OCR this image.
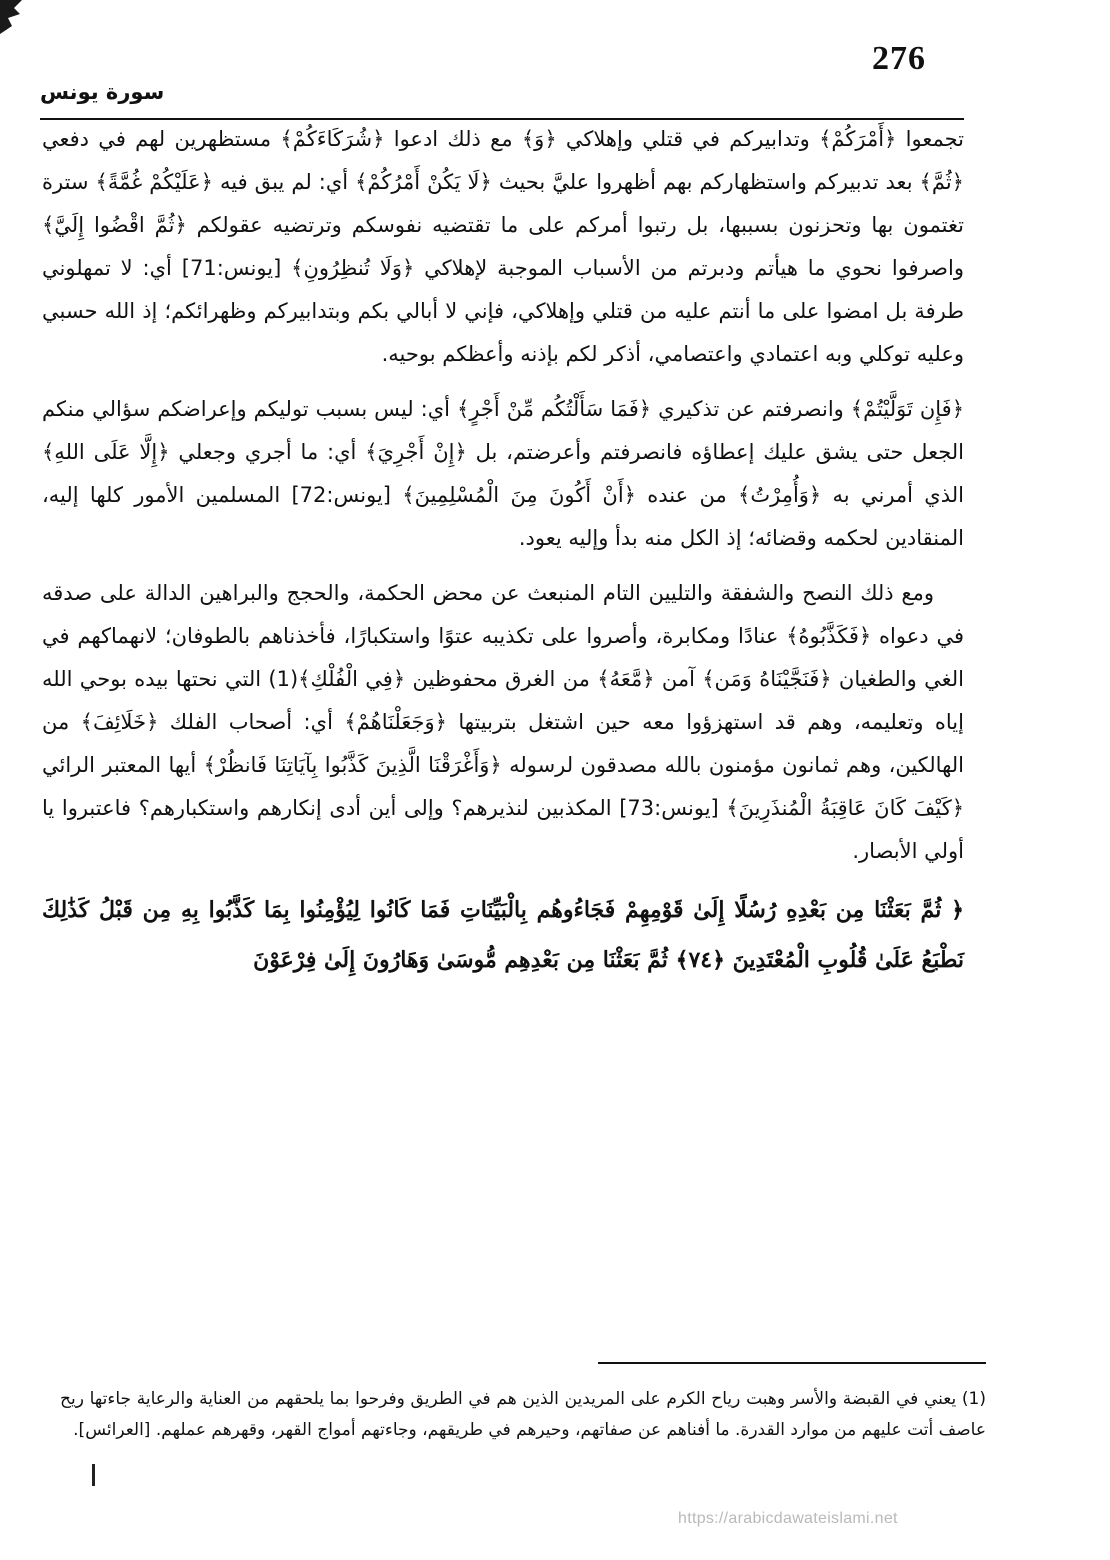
276
سورة يونس

تجمعوا ﴿أَمْرَكُمْ﴾ وتدابيركم في قتلي وإهلاكي ﴿وَ﴾ مع ذلك ادعوا ﴿شُرَكَاءَكُمْ﴾ مستظهرين لهم في دفعي ﴿ثُمَّ﴾ بعد تدبيركم واستظهاركم بهم أظهروا عليَّ بحيث ﴿لَا يَكُنْ أَمْرُكُمْ﴾ أي: لم يبق فيه ﴿عَلَيْكُمْ غُمَّةً﴾ سترة تغتمون بها وتحزنون بسببها، بل رتبوا أمركم على ما تقتضيه نفوسكم وترتضيه عقولكم ﴿ثُمَّ اقْضُوا إِلَيَّ﴾ واصرفوا نحوي ما هيأتم ودبرتم من الأسباب الموجبة لإهلاكي ﴿وَلَا تُنظِرُونِ﴾ [يونس:71] أي: لا تمهلوني طرفة بل امضوا على ما أنتم عليه من قتلي وإهلاكي، فإني لا أبالي بكم وبتدابيركم وظهرائكم؛ إذ الله حسبي وعليه توكلي وبه اعتمادي واعتصامي، أذكر لكم بإذنه وأعظكم بوحيه.

﴿فَإِن تَوَلَّيْتُمْ﴾ وانصرفتم عن تذكيري ﴿فَمَا سَأَلْتُكُم مِّنْ أَجْرٍ﴾ أي: ليس بسبب توليكم وإعراضكم سؤالي منكم الجعل حتى يشق عليك إعطاؤه فانصرفتم وأعرضتم، بل ﴿إِنْ أَجْرِيَ﴾ أي: ما أجري وجعلي ﴿إِلَّا عَلَى اللهِ﴾ الذي أمرني به ﴿وَأُمِرْتُ﴾ من عنده ﴿أَنْ أَكُونَ مِنَ الْمُسْلِمِينَ﴾ [يونس:72] المسلمين الأمور كلها إليه، المنقادين لحكمه وقضائه؛ إذ الكل منه بدأ وإليه يعود.

ومع ذلك النصح والشفقة والتليين التام المنبعث عن محض الحكمة، والحجج والبراهين الدالة على صدقه في دعواه ﴿فَكَذَّبُوهُ﴾ عنادًا ومكابرة، وأصروا على تكذيبه عتوًا واستكبارًا، فأخذناهم بالطوفان؛ لانهماكهم في الغي والطغيان ﴿فَنَجَّيْنَاهُ وَمَن﴾ آمن ﴿مَّعَهُ﴾ من الغرق محفوظين ﴿فِي الْفُلْكِ﴾(1) التي نحتها بيده بوحي الله إياه وتعليمه، وهم قد استهزؤوا معه حين اشتغل بتربيتها ﴿وَجَعَلْنَاهُمْ﴾ أي: أصحاب الفلك ﴿خَلَائِفَ﴾ من الهالكين، وهم ثمانون مؤمنون بالله مصدقون لرسوله ﴿وَأَغْرَقْنَا الَّذِينَ كَذَّبُوا بِآيَاتِنَا فَانظُرْ﴾ أيها المعتبر الرائي ﴿كَيْفَ كَانَ عَاقِبَةُ الْمُنذَرِينَ﴾ [يونس:73] المكذبين لنذيرهم؟ وإلى أين أدى إنكارهم واستكبارهم؟ فاعتبروا يا أولي الأبصار.

﴿ ثُمَّ بَعَثْنَا مِن بَعْدِهِ رُسُلًا إِلَىٰ قَوْمِهِمْ فَجَاءُوهُم بِالْبَيِّنَاتِ فَمَا كَانُوا لِيُؤْمِنُوا بِمَا كَذَّبُوا بِهِ مِن قَبْلُ كَذَٰلِكَ نَطْبَعُ عَلَىٰ قُلُوبِ الْمُعْتَدِينَ ﴿٧٤﴾ ثُمَّ بَعَثْنَا مِن بَعْدِهِم مُّوسَىٰ وَهَارُونَ إِلَىٰ فِرْعَوْنَ

(1) يعني في القبضة والأسر وهبت رياح الكرم على المريدين الذين هم في الطريق وفرحوا بما يلحقهم من العناية والرعاية جاءتها ريح عاصف أتت عليهم من موارد القدرة. ما أفناهم عن صفاتهم، وحيرهم في طريقهم، وجاءتهم أمواج القهر، وقهرهم عملهم. [العرائس].
https://arabicdawateislami.net
